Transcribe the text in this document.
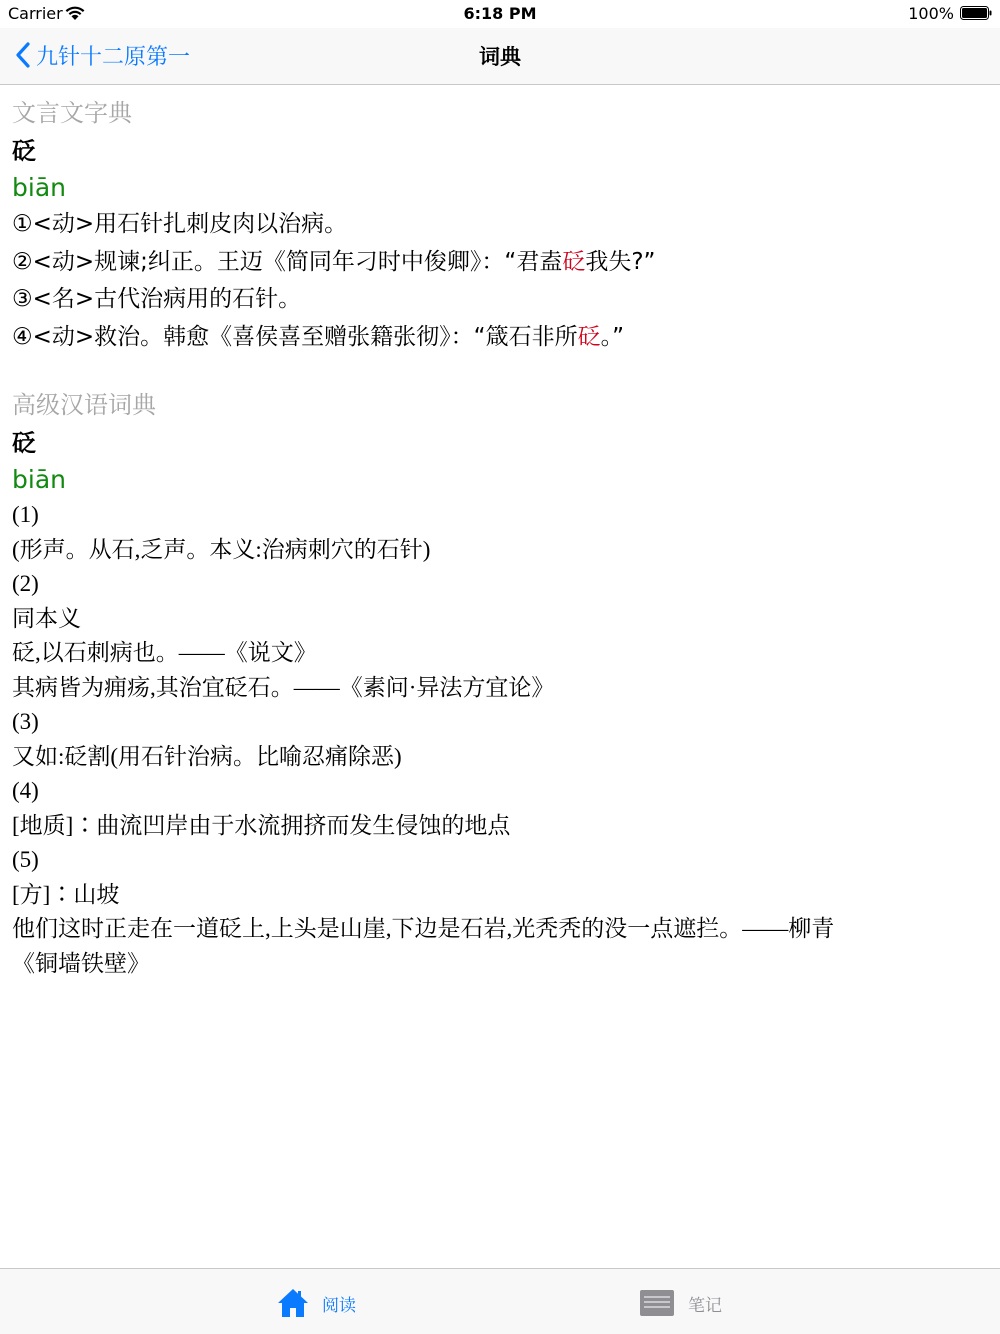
Carrier	6:18 PM	100%
九针十二原第一	词典
文言文字典
砭
biān
①<动>用石针扎刺皮肉以治病。
②<动>规谏;纠正。王迈《简同年刁时中俊卿》：“君盍砭我失?”
③<名>古代治病用的石针。
④<动>救治。韩愈《喜侯喜至赠张籍张彻》：“箴石非所砭。”
高级汉语词典
砭
biān
(1)
(形声。从石,乏声。本义:治病刺穴的石针)
(2)
同本义
砭,以石刺病也。——《说文》
其病皆为痈疡,其治宜砭石。——《素问·异法方宜论》
(3)
又如:砭割(用石针治病。比喻忍痛除恶)
(4)
[地质]∶曲流凹岸由于水流拥挤而发生侵蚀的地点
(5)
[方]∶山坡
他们这时正走在一道砭上,上头是山崖,下边是石岩,光秃秃的没一点遮拦。——柳青
《铜墙铁壁》
阅读	笔记
